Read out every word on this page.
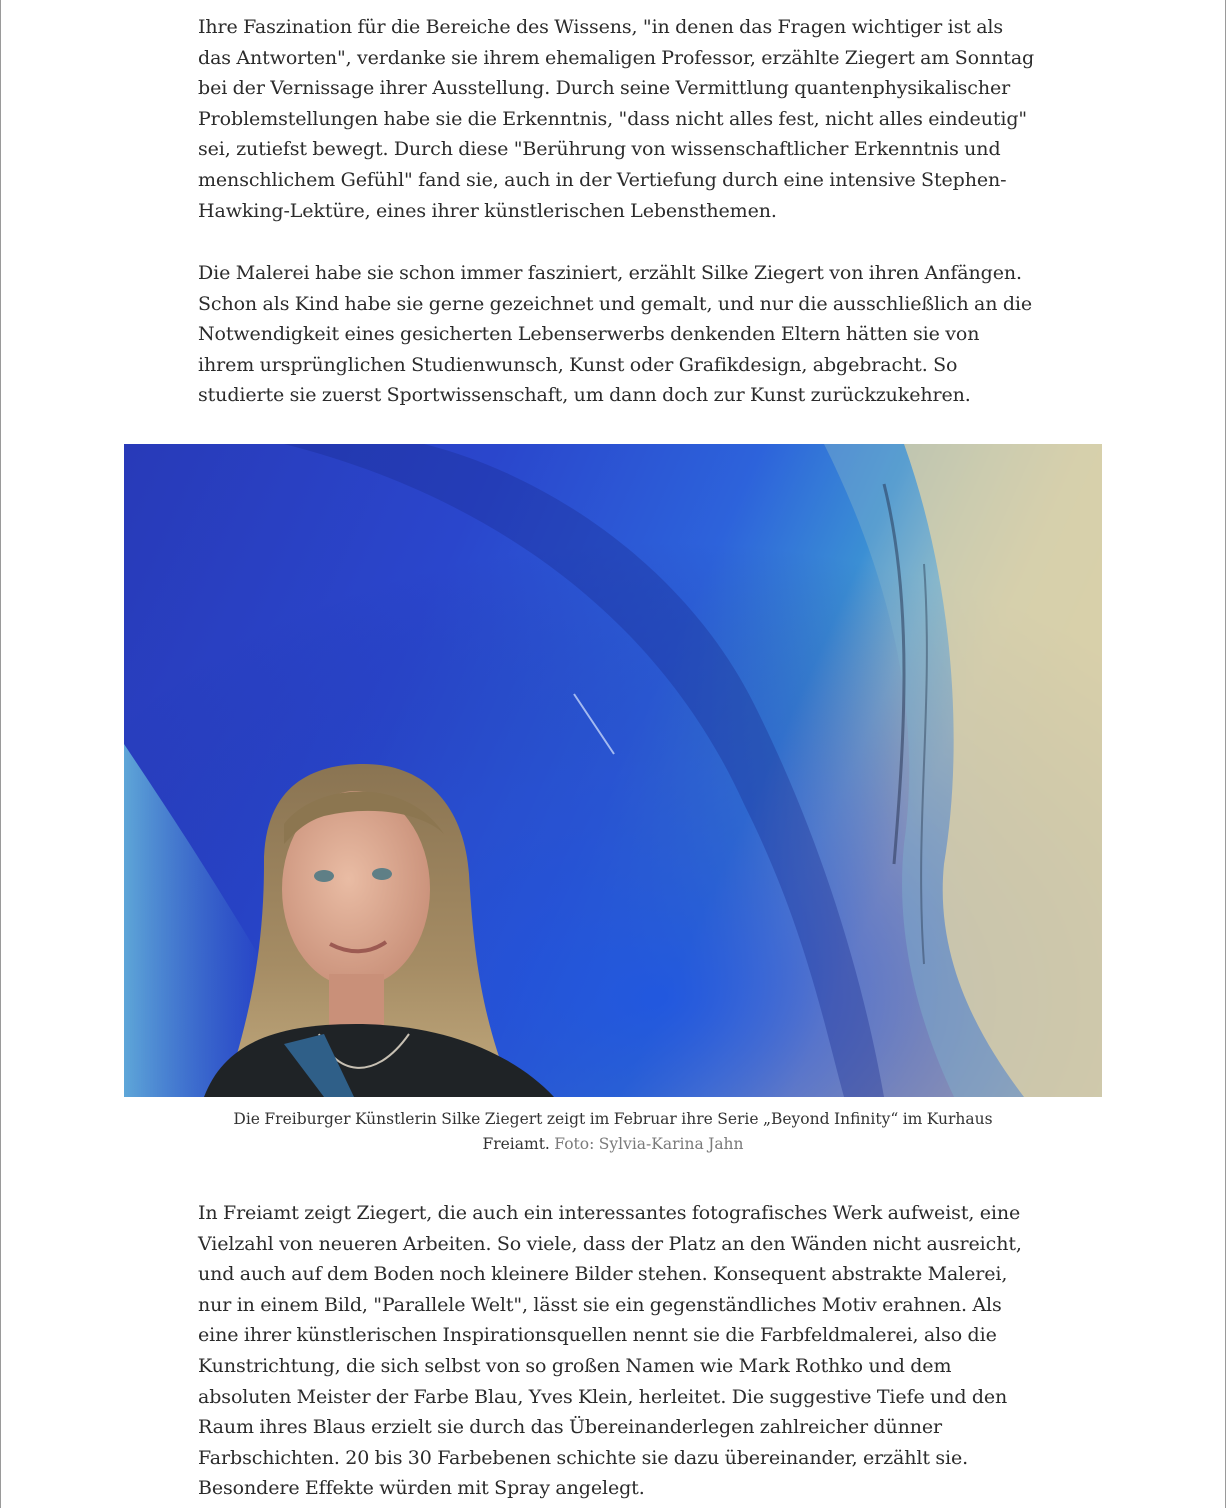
Ihre Faszination für die Bereiche des Wissens, "in denen das Fragen wichtiger ist als das Antworten", verdanke sie ihrem ehemaligen Professor, erzählte Ziegert am Sonntag bei der Vernissage ihrer Ausstellung. Durch seine Vermittlung quantenphysikalischer Problemstellungen habe sie die Erkenntnis, "dass nicht alles fest, nicht alles eindeutig" sei, zutiefst bewegt. Durch diese "Berührung von wissenschaftlicher Erkenntnis und menschlichem Gefühl" fand sie, auch in der Vertiefung durch eine intensive Stephen-Hawking-Lektüre, eines ihrer künstlerischen Lebensthemen.

Die Malerei habe sie schon immer fasziniert, erzählt Silke Ziegert von ihren Anfängen. Schon als Kind habe sie gerne gezeichnet und gemalt, und nur die ausschließlich an die Notwendigkeit eines gesicherten Lebenserwerbs denkenden Eltern hätten sie von ihrem ursprünglichen Studienwunsch, Kunst oder Grafikdesign, abgebracht. So studierte sie zuerst Sportwissenschaft, um dann doch zur Kunst zurückzukehren.

Die Freiburger Künstlerin Silke Ziegert zeigt im Februar ihre Serie „Beyond Infinity“ im Kurhaus Freiamt. Foto: Sylvia-Karina Jahn

In Freiamt zeigt Ziegert, die auch ein interessantes fotografisches Werk aufweist, eine Vielzahl von neueren Arbeiten. So viele, dass der Platz an den Wänden nicht ausreicht, und auch auf dem Boden noch kleinere Bilder stehen. Konsequent abstrakte Malerei, nur in einem Bild, "Parallele Welt", lässt sie ein gegenständliches Motiv erahnen. Als eine ihrer künstlerischen Inspirationsquellen nennt sie die Farbfeldmalerei, also die Kunstrichtung, die sich selbst von so großen Namen wie Mark Rothko und dem absoluten Meister der Farbe Blau, Yves Klein, herleitet. Die suggestive Tiefe und den Raum ihres Blaus erzielt sie durch das Übereinanderlegen zahlreicher dünner Farbschichten. 20 bis 30 Farbebenen schichte sie dazu übereinander, erzählt sie. Besondere Effekte würden mit Spray angelegt.
